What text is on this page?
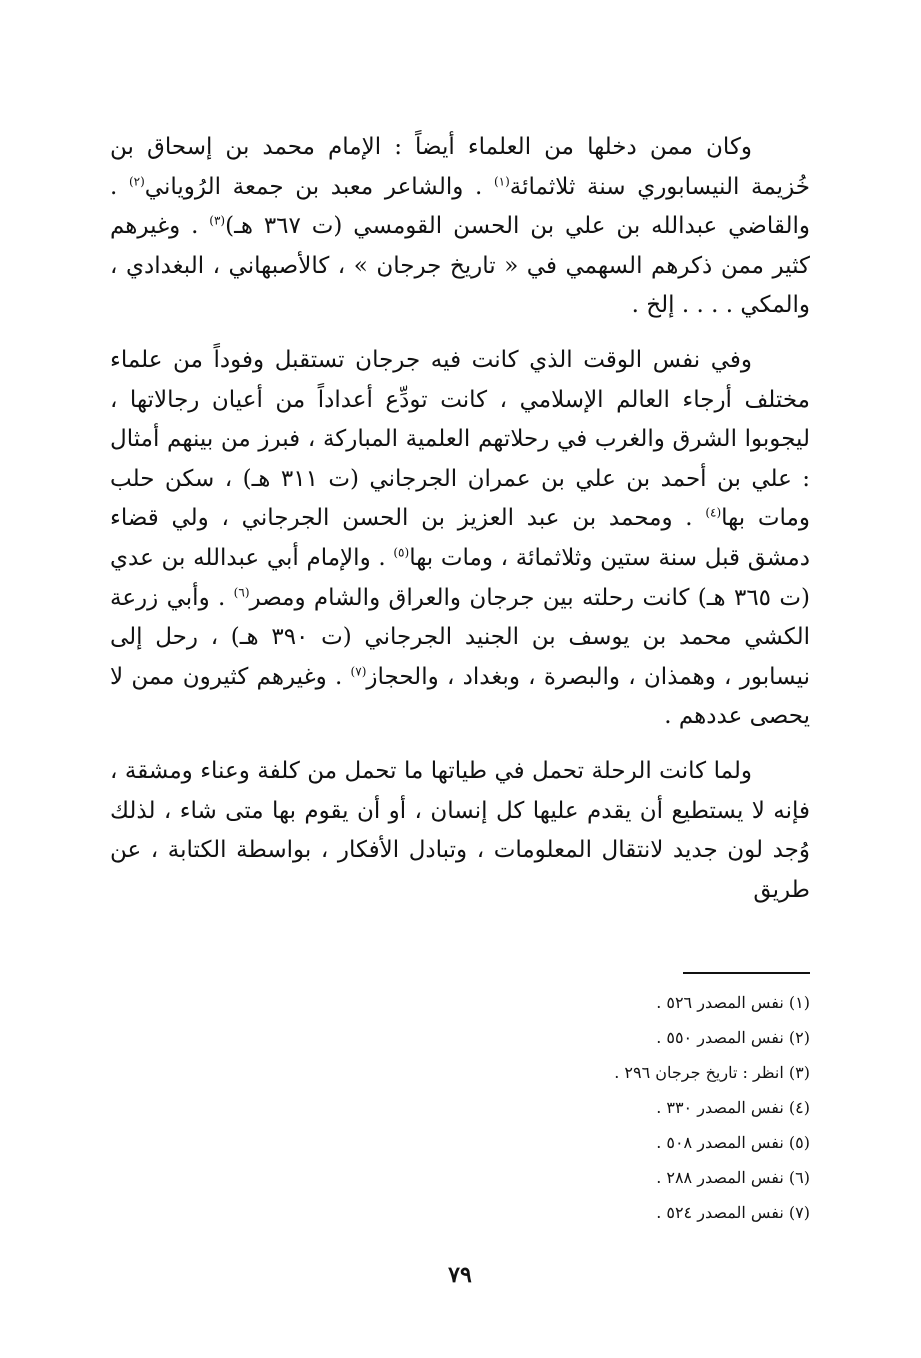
وكان ممن دخلها من العلماء أيضاً : الإمام محمد بن إسحاق بن خُزيمة النيسابوري سنة ثلاثمائة$^{(١)}$ . والشاعر معبد بن جمعة الرُوياني$^{(٢)}$ . والقاضي عبدالله بن علي بن الحسن القومسي (ت ٣٦٧ هـ)$^{(٣)}$ . وغيرهم كثير ممن ذكرهم السهمي في « تاريخ جرجان » ، كالأصبهاني ، البغدادي ، والمكي . . . . إلخ .

وفي نفس الوقت الذي كانت فيه جرجان تستقبل وفوداً من علماء مختلف أرجاء العالم الإسلامي ، كانت تودِّع أعداداً من أعيان رجالاتها ، ليجوبوا الشرق والغرب في رحلاتهم العلمية المباركة ، فبرز من بينهم أمثال : علي بن أحمد بن علي بن عمران الجرجاني (ت ٣١١ هـ) ، سكن حلب ومات بها$^{(٤)}$ . ومحمد بن عبد العزيز بن الحسن الجرجاني ، ولي قضاء دمشق قبل سنة ستين وثلاثمائة ، ومات بها$^{(٥)}$ . والإمام أبي عبدالله بن عدي (ت ٣٦٥ هـ) كانت رحلته بين جرجان والعراق والشام ومصر$^{(٦)}$ . وأبي زرعة الكشي محمد بن يوسف بن الجنيد الجرجاني (ت ٣٩٠ هـ) ، رحل إلى نيسابور ، وهمذان ، والبصرة ، وبغداد ، والحجاز$^{(٧)}$ . وغيرهم كثيرون ممن لا يحصى عددهم .

ولما كانت الرحلة تحمل في طياتها ما تحمل من كلفة وعناء ومشقة ، فإنه لا يستطيع أن يقدم عليها كل إنسان ، أو أن يقوم بها متى شاء ، لذلك وُجد لون جديد لانتقال المعلومات ، وتبادل الأفكار ، بواسطة الكتابة ، عن طريق

(١) نفس المصدر ٥٢٦ .
(٢) نفس المصدر ٥٥٠ .
(٣) انظر : تاريخ جرجان ٢٩٦ .
(٤) نفس المصدر ٣٣٠ .
(٥) نفس المصدر ٥٠٨ .
(٦) نفس المصدر ٢٨٨ .
(٧) نفس المصدر ٥٢٤ .
٧٩
